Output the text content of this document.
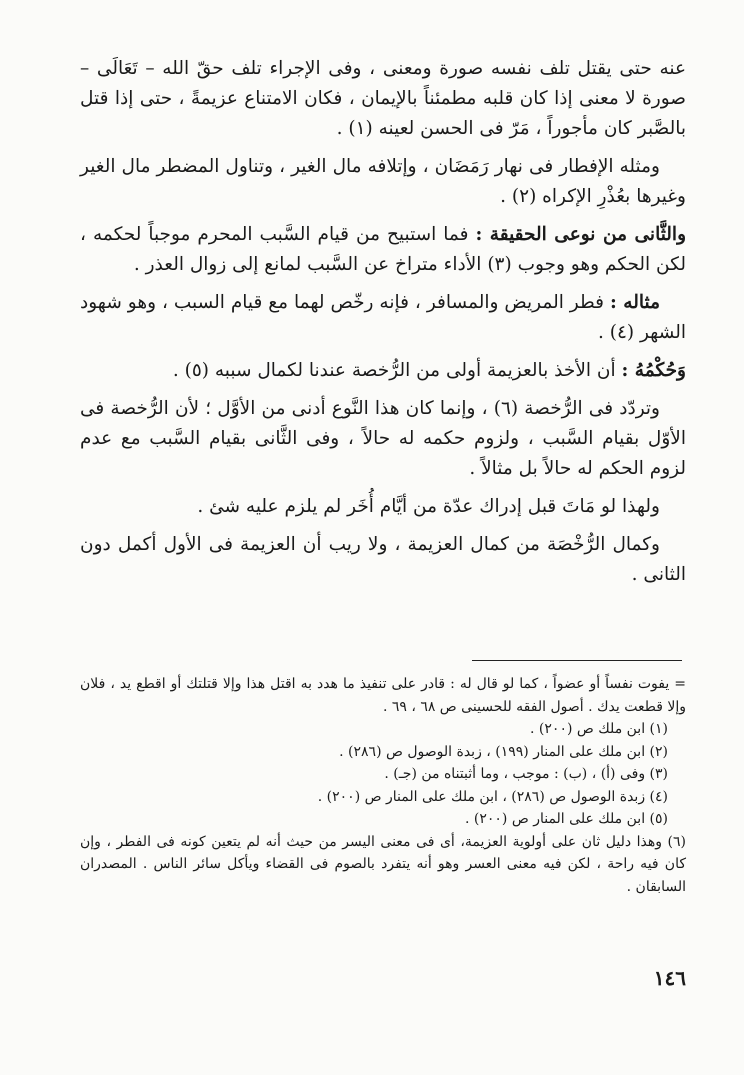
عنه حتى يقتل تلف نفسه صورة ومعنى ، وفى الإجراء تلف حقّ الله – تَعَالَى – صورة لا معنى إذا كان قلبه مطمئناً بالإيمان ، فكان الامتناع عزيمةً ، حتى إذا قتل بالصَّبر كان مأجوراً ، مَرّ فى الحسن لعينه (١) .

ومثله الإفطار فى نهار رَمَضَان ، وإتلافه مال الغير ، وتناول المضطر مال الغير وغيرها بعُذْرِ الإكراه (٢) .

والثَّانى من نوعى الحقيقة : فما استبيح من قيام السَّبب المحرم موجباً لحكمه ، لكن الحكم وهو وجوب (٣) الأداء متراخ عن السَّبب لمانع إلى زوال العذر .

مثاله : فطر المريض والمسافر ، فإنه رخّص لهما مع قيام السبب ، وهو شهود الشهر (٤) .

وَحُكْمُهُ : أن الأخذ بالعزيمة أولى من الرُّخصة عندنا لكمال سببه (٥) .

وتردّد فى الرُّخصة (٦) ، وإنما كان هذا النَّوع أدنى من الأوَّل ؛ لأن الرُّخصة فى الأوّل بقيام السَّبب ، ولزوم حكمه له حالاً ، وفى الثَّانى بقيام السَّبب مع عدم لزوم الحكم له حالاً بل مثالاً .

ولهذا لو مَاتَ قبل إدراك عدّة من أيَّام أُخَر لم يلزم عليه شئ .

وكمال الرُّخْصَة من كمال العزيمة ، ولا ريب أن العزيمة فى الأول أكمل دون الثانى .

= يفوت نفساً أو عضواً ، كما لو قال له : قادر على تنفيذ ما هدد به اقتل هذا وإلا قتلتك أو اقطع يد ، فلان وإلا قطعت يدك . أصول الفقه للحسينى ص ٦٨ ، ٦٩ .

(١) ابن ملك ص (٢٠٠) .

(٢) ابن ملك على المنار (١٩٩) ، زبدة الوصول ص (٢٨٦) .

(٣) وفى (أ) ، (ب) : موجب ، وما أثبتناه من (جـ) .

(٤) زبدة الوصول ص (٢٨٦) ، ابن ملك على المنار ص (٢٠٠) .

(٥) ابن ملك على المنار ص (٢٠٠) .

(٦) وهذا دليل ثان على أولوية العزيمة، أى فى معنى اليسر من حيث أنه لم يتعين كونه فى الفطر ، وإن كان فيه راحة ، لكن فيه معنى العسر وهو أنه يتفرد بالصوم فى القضاء ويأكل سائر الناس . المصدران السابقان .

١٤٦
